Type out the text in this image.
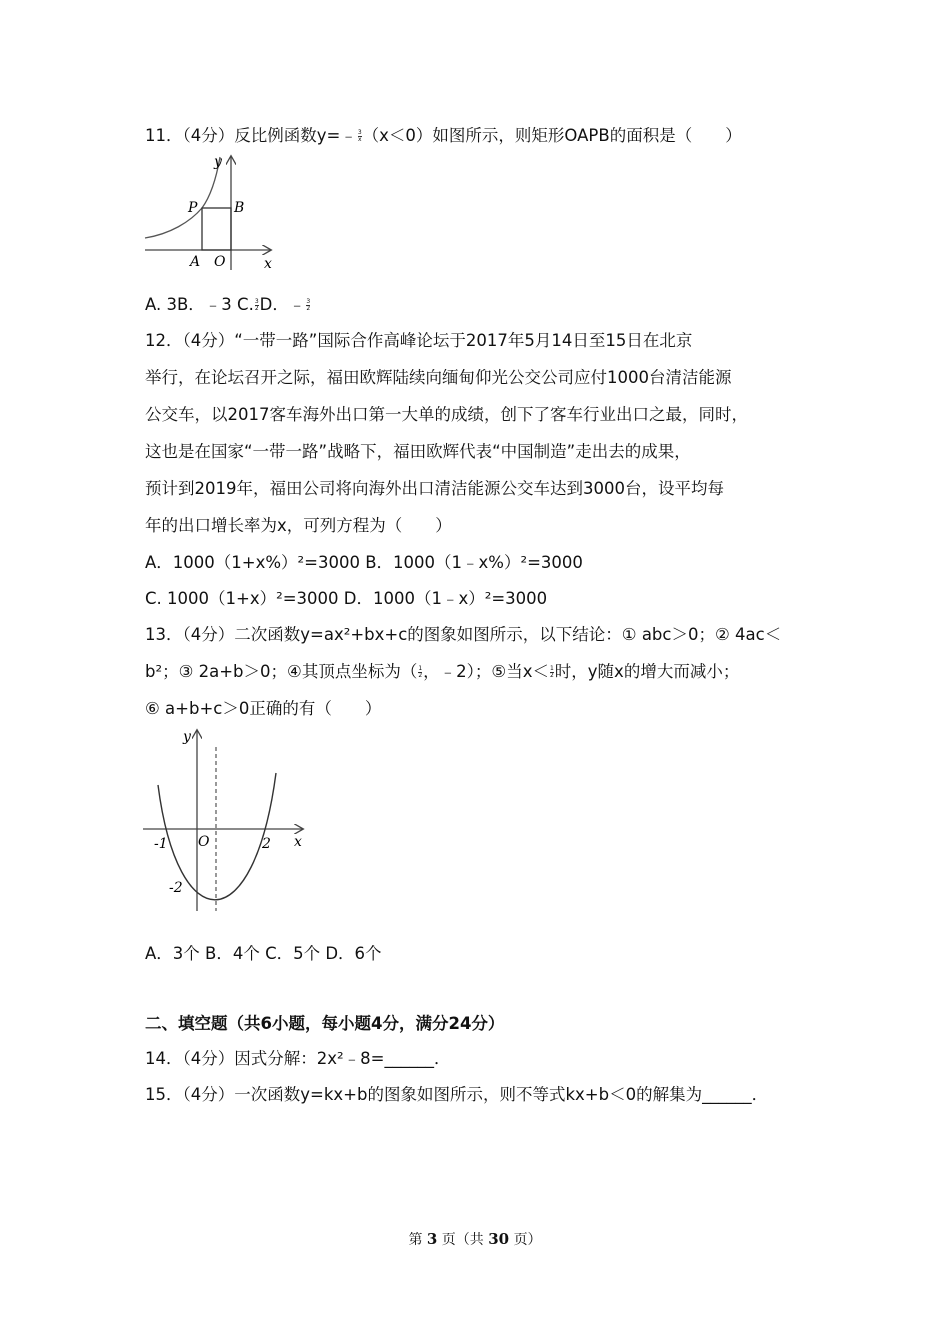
11．（4分）反比例函数y=﹣ $\frac{3}{x} (x<0)$如图所示，则矩形OAPB的面积是（　　）
y
P	B
A O	x
A. 3B．﹣3 C. $\frac{3}{2}$ D．﹣ $\frac{3}{2}$
12．（4分）“一带一路”国际合作高峰论坛于2017年5月14日至15日在北京
举行，在论坛召开之际，福田欧辉陆续向缅甸仰光公交公司应付1000台清洁能源
公交车，以2017客车海外出口第一大单的成绩，创下了客车行业出口之最，同时，
这也是在国家“一带一路”战略下，福田欧辉代表“中国制造”走出去的成果，
预计到2019年，福田公司将向海外出口清洁能源公交车达到3000台，设平均每
年的出口增长率为x，可列方程为（　　）
A．1000（1+x%）²=3000 B．1000（1﹣x%）²=3000
C. 1000（1+x）²=3000 D．1000（1﹣x）²=3000
13．（4分）二次函数y=ax²+bx+c的图象如图所示，以下结论：① abc＞0；② 4ac＜
b²；③ 2a+b＞0；④其顶点坐标为（ $\frac{1}{2}$ ，﹣2）；⑤当$x< \frac{1}{2}$ 时，y随x的增大而减小；
⑥ a+b+c＞0正确的有（　　）
y
O
-1	2 x
-2
A．3个 B．4个 C．5个 D．6个
二、填空题（共6小题，每小题4分，满分24分）
14．（4分）因式分解：2x²﹣8=______．
15．（4分）一次函数y=kx+b的图象如图所示，则不等式kx+b＜0的解集为______．
第 3 页（共 30 页）
